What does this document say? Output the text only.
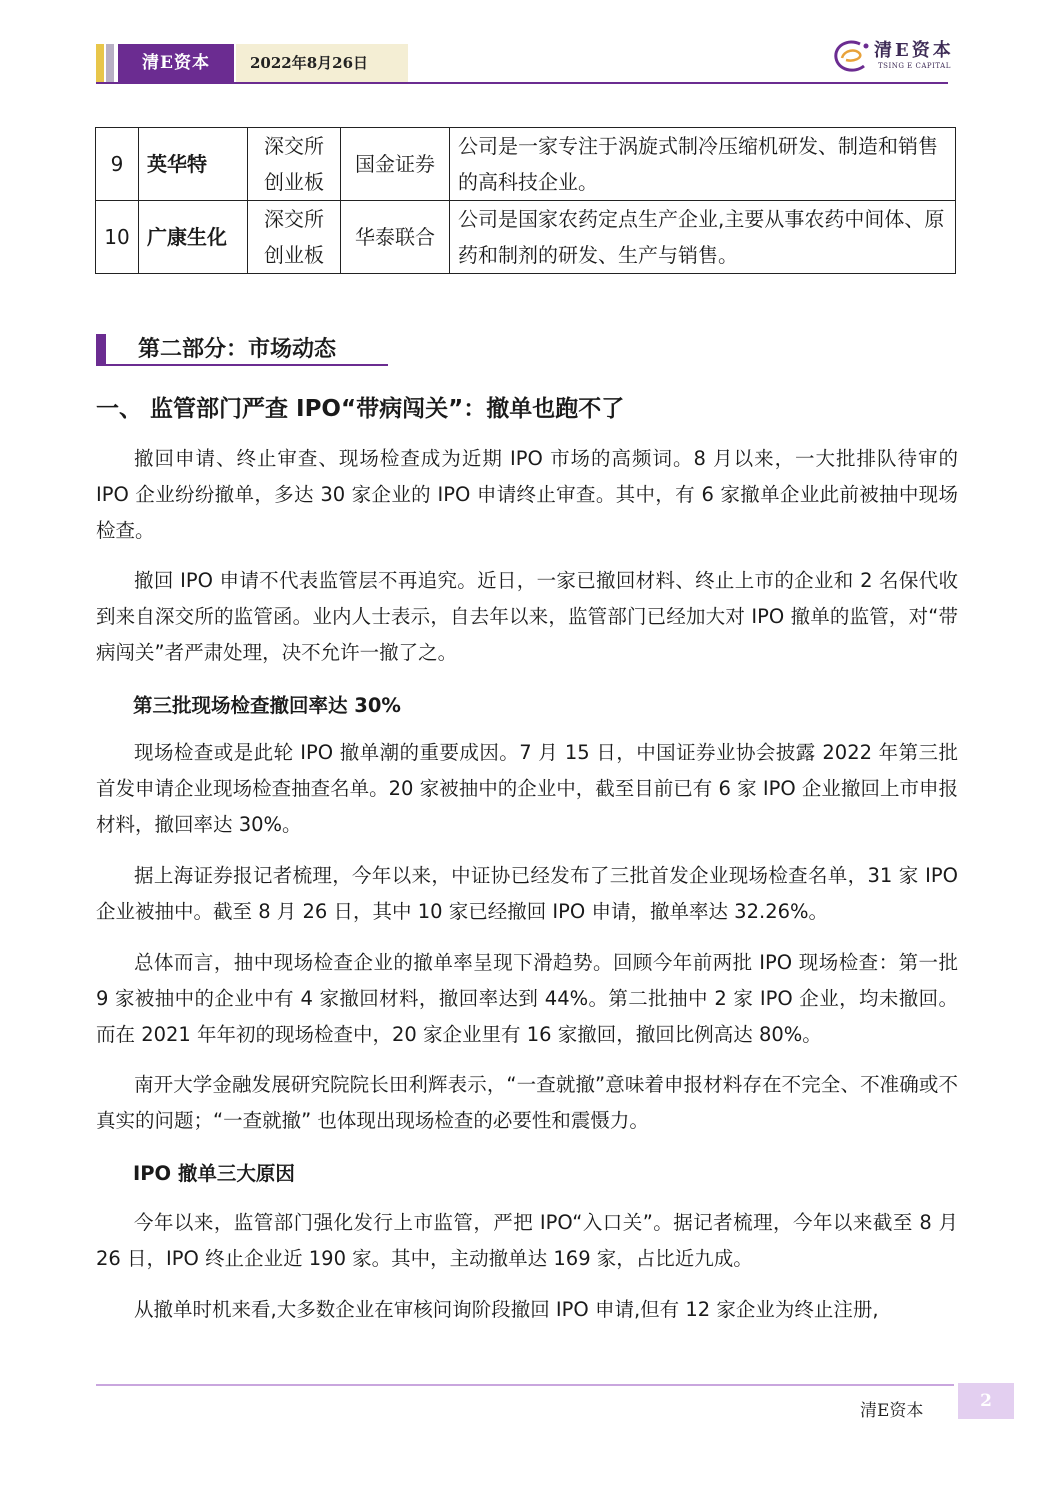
清E资本	2022年8月26日
清E资本
TSING E CAPITAL
9	英华特	深交所创业板	国金证券	公司是一家专注于涡旋式制冷压缩机研发、制造和销售的高科技企业。
10	广康生化	深交所创业板	华泰联合	公司是国家农药定点生产企业,主要从事农药中间体、原药和制剂的研发、生产与销售。
第二部分：市场动态
一、 监管部门严查 IPO“带病闯关”：撤单也跑不了
撤回申请、终止审查、现场检查成为近期 IPO 市场的高频词。8 月以来，一大批排队待审的 IPO 企业纷纷撤单，多达 30 家企业的 IPO 申请终止审查。其中，有 6 家撤单企业此前被抽中现场检查。
撤回 IPO 申请不代表监管层不再追究。近日，一家已撤回材料、终止上市的企业和 2 名保代收到来自深交所的监管函。业内人士表示，自去年以来，监管部门已经加大对 IPO 撤单的监管，对“带病闯关”者严肃处理，决不允许一撤了之。
第三批现场检查撤回率达 30%
现场检查或是此轮 IPO 撤单潮的重要成因。7 月 15 日，中国证券业协会披露 2022 年第三批首发申请企业现场检查抽查名单。20 家被抽中的企业中，截至目前已有 6 家 IPO 企业撤回上市申报材料，撤回率达 30%。
据上海证券报记者梳理，今年以来，中证协已经发布了三批首发企业现场检查名单，31 家 IPO 企业被抽中。截至 8 月 26 日，其中 10 家已经撤回 IPO 申请，撤单率达 32.26%。
总体而言，抽中现场检查企业的撤单率呈现下滑趋势。回顾今年前两批 IPO 现场检查：第一批 9 家被抽中的企业中有 4 家撤回材料，撤回率达到 44%。第二批抽中 2 家 IPO 企业，均未撤回。而在 2021 年年初的现场检查中，20 家企业里有 16 家撤回，撤回比例高达 80%。
南开大学金融发展研究院院长田利辉表示，“一查就撤”意味着申报材料存在不完全、不准确或不真实的问题；“一查就撤” 也体现出现场检查的必要性和震慑力。
IPO 撤单三大原因
今年以来，监管部门强化发行上市监管，严把 IPO“入口关”。据记者梳理，今年以来截至 8 月 26 日，IPO 终止企业近 190 家。其中，主动撤单达 169 家，占比近九成。
从撤单时机来看,大多数企业在审核问询阶段撤回 IPO 申请,但有 12 家企业为终止注册,
清E资本	2
